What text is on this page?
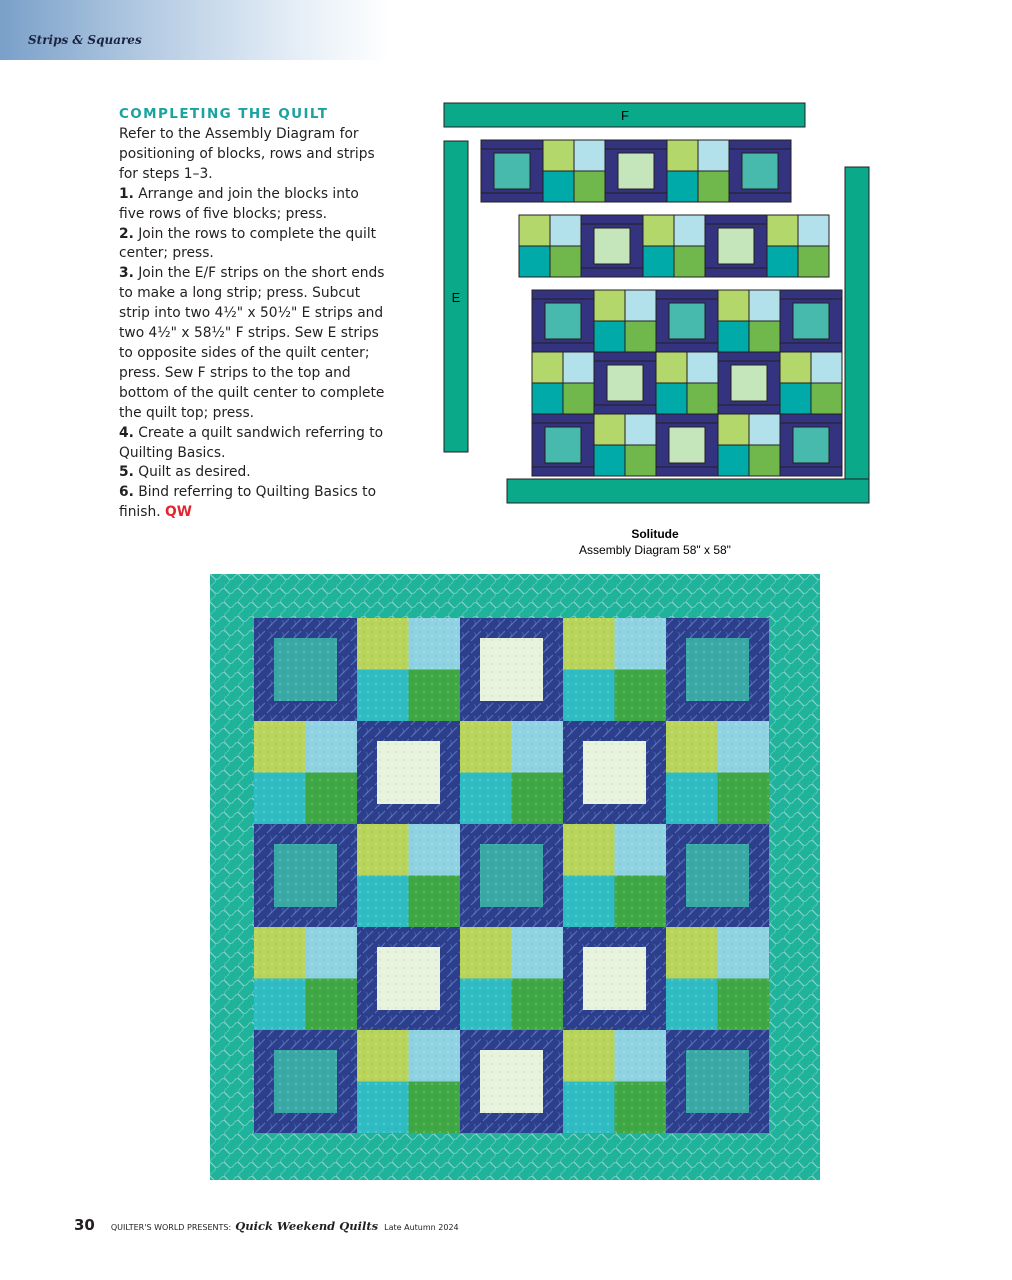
Strips & Squares
COMPLETING THE QUILT

Refer to the Assembly Diagram for positioning of blocks, rows and strips for steps 1–3.

1. Arrange and join the blocks into five rows of five blocks; press.

2. Join the rows to complete the quilt center; press.

3. Join the E/F strips on the short ends to make a long strip; press. Subcut strip into two 4½" x 50½" E strips and two 4½" x 58½" F strips. Sew E strips to opposite sides of the quilt center; press. Sew F strips to the top and bottom of the quilt center to complete the quilt top; press.

4. Create a quilt sandwich referring to Quilting Basics.

5. Quilt as desired.

6. Bind referring to Quilting Basics to finish. QW

F
E
Solitude
Assembly Diagram 58" x 58"
30 QUILTER'S WORLD PRESENTS: Quick Weekend Quilts Late Autumn 2024
